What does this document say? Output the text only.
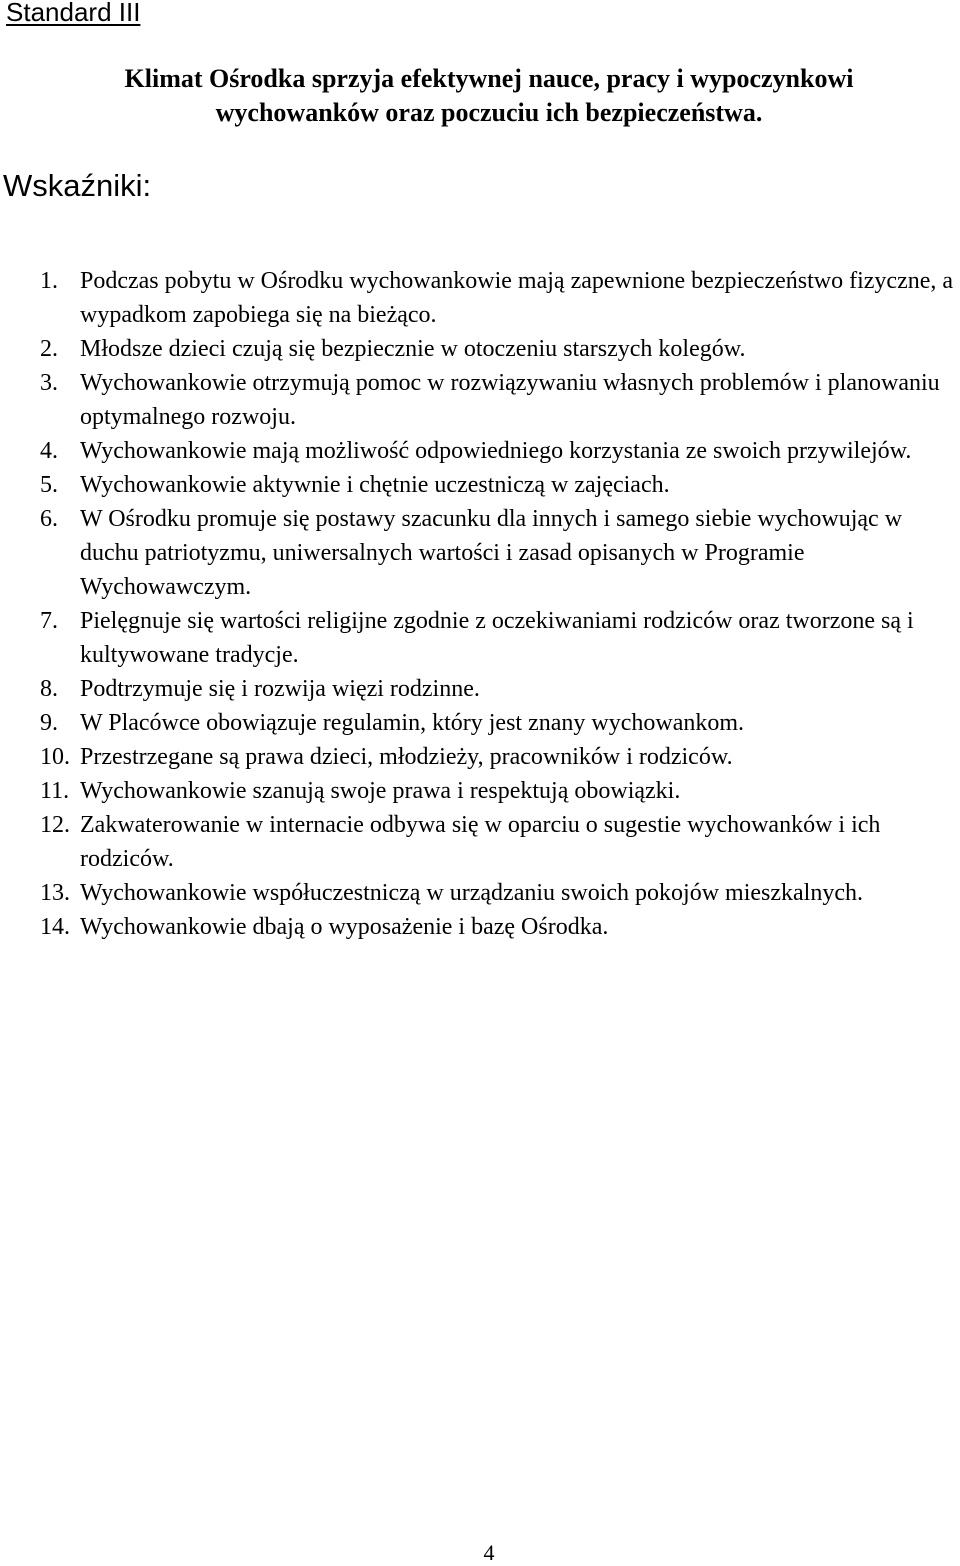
Standard III
Klimat Ośrodka sprzyja efektywnej nauce, pracy i wypoczynkowi
wychowanków oraz poczuciu ich bezpieczeństwa.
Wskaźniki:
1. Podczas pobytu w Ośrodku wychowankowie mają zapewnione bezpieczeństwo fizyczne, a wypadkom zapobiega się na bieżąco.
2. Młodsze dzieci czują się bezpiecznie w otoczeniu starszych kolegów.
3. Wychowankowie otrzymują pomoc w rozwiązywaniu własnych problemów i planowaniu optymalnego rozwoju.
4. Wychowankowie mają możliwość odpowiedniego korzystania ze swoich przywilejów.
5. Wychowankowie aktywnie i chętnie uczestniczą w zajęciach.
6. W Ośrodku promuje się postawy szacunku dla innych i samego siebie wychowując w duchu patriotyzmu, uniwersalnych wartości i zasad opisanych w Programie Wychowawczym.
7. Pielęgnuje się wartości religijne zgodnie z oczekiwaniami rodziców oraz tworzone są i kultywowane tradycje.
8. Podtrzymuje się i rozwija więzi rodzinne.
9. W Placówce obowiązuje regulamin, który jest znany wychowankom.
10. Przestrzegane są prawa dzieci, młodzieży, pracowników i rodziców.
11. Wychowankowie szanują swoje prawa i respektują obowiązki.
12. Zakwaterowanie w internacie odbywa się w oparciu o sugestie wychowanków i ich rodziców.
13. Wychowankowie współuczestniczą w urządzaniu swoich pokojów mieszkalnych.
14. Wychowankowie dbają o wyposażenie i bazę Ośrodka.
4
